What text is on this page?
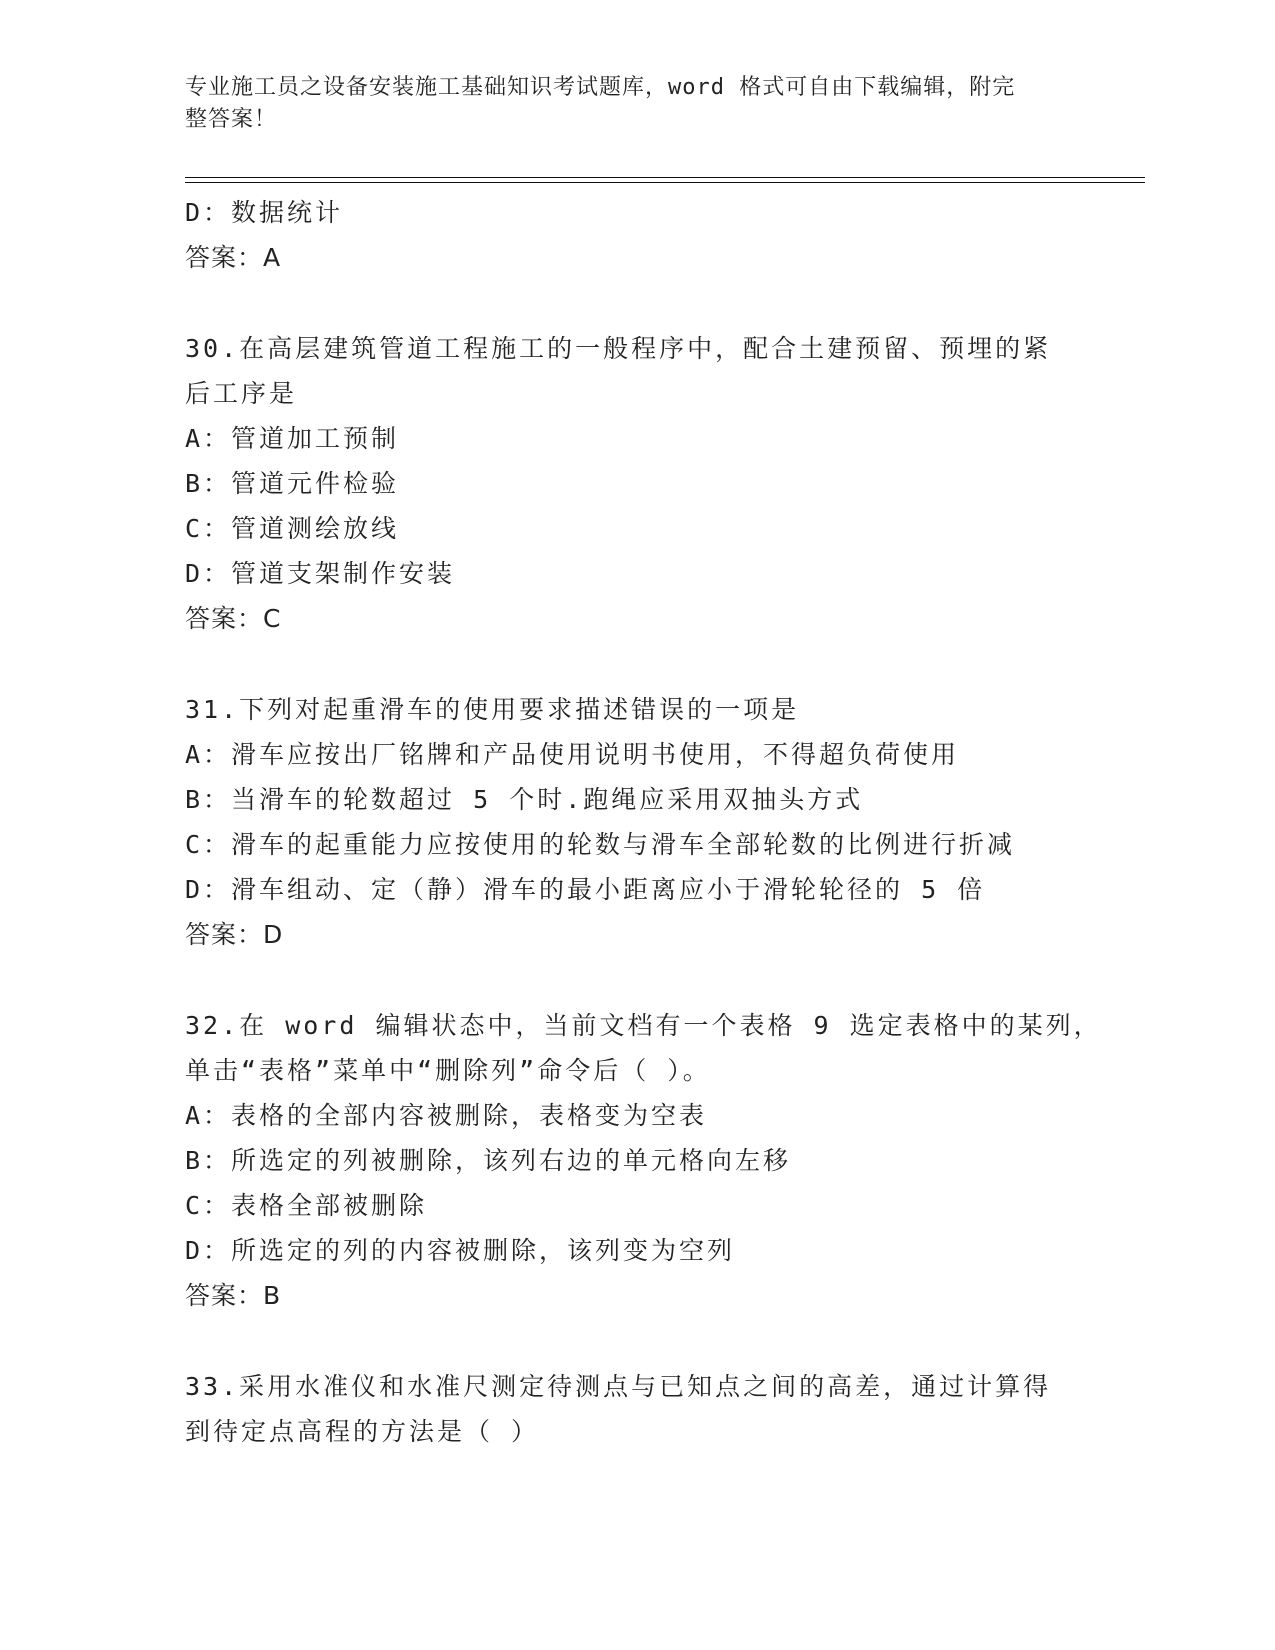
专业施工员之设备安装施工基础知识考试题库，word 格式可自由下载编辑，附完
整答案！
D：数据统计
答案：A
30.在高层建筑管道工程施工的一般程序中，配合土建预留、预埋的紧
后工序是
A：管道加工预制
B：管道元件检验
C：管道测绘放线
D：管道支架制作安装
答案：C
31.下列对起重滑车的使用要求描述错误的一项是
A：滑车应按出厂铭牌和产品使用说明书使用，不得超负荷使用
B：当滑车的轮数超过 5 个时.跑绳应采用双抽头方式
C：滑车的起重能力应按使用的轮数与滑车全部轮数的比例进行折减
D：滑车组动、定（静）滑车的最小距离应小于滑轮轮径的 5 倍
答案：D
32.在 word 编辑状态中，当前文档有一个表格 9 选定表格中的某列，
单击“表格”菜单中“删除列”命令后（ ）。
A：表格的全部内容被删除，表格变为空表
B：所选定的列被删除，该列右边的单元格向左移
C：表格全部被删除
D：所选定的列的内容被删除，该列变为空列
答案：B
33.采用水准仪和水准尺测定待测点与已知点之间的高差，通过计算得
到待定点高程的方法是（ ）
